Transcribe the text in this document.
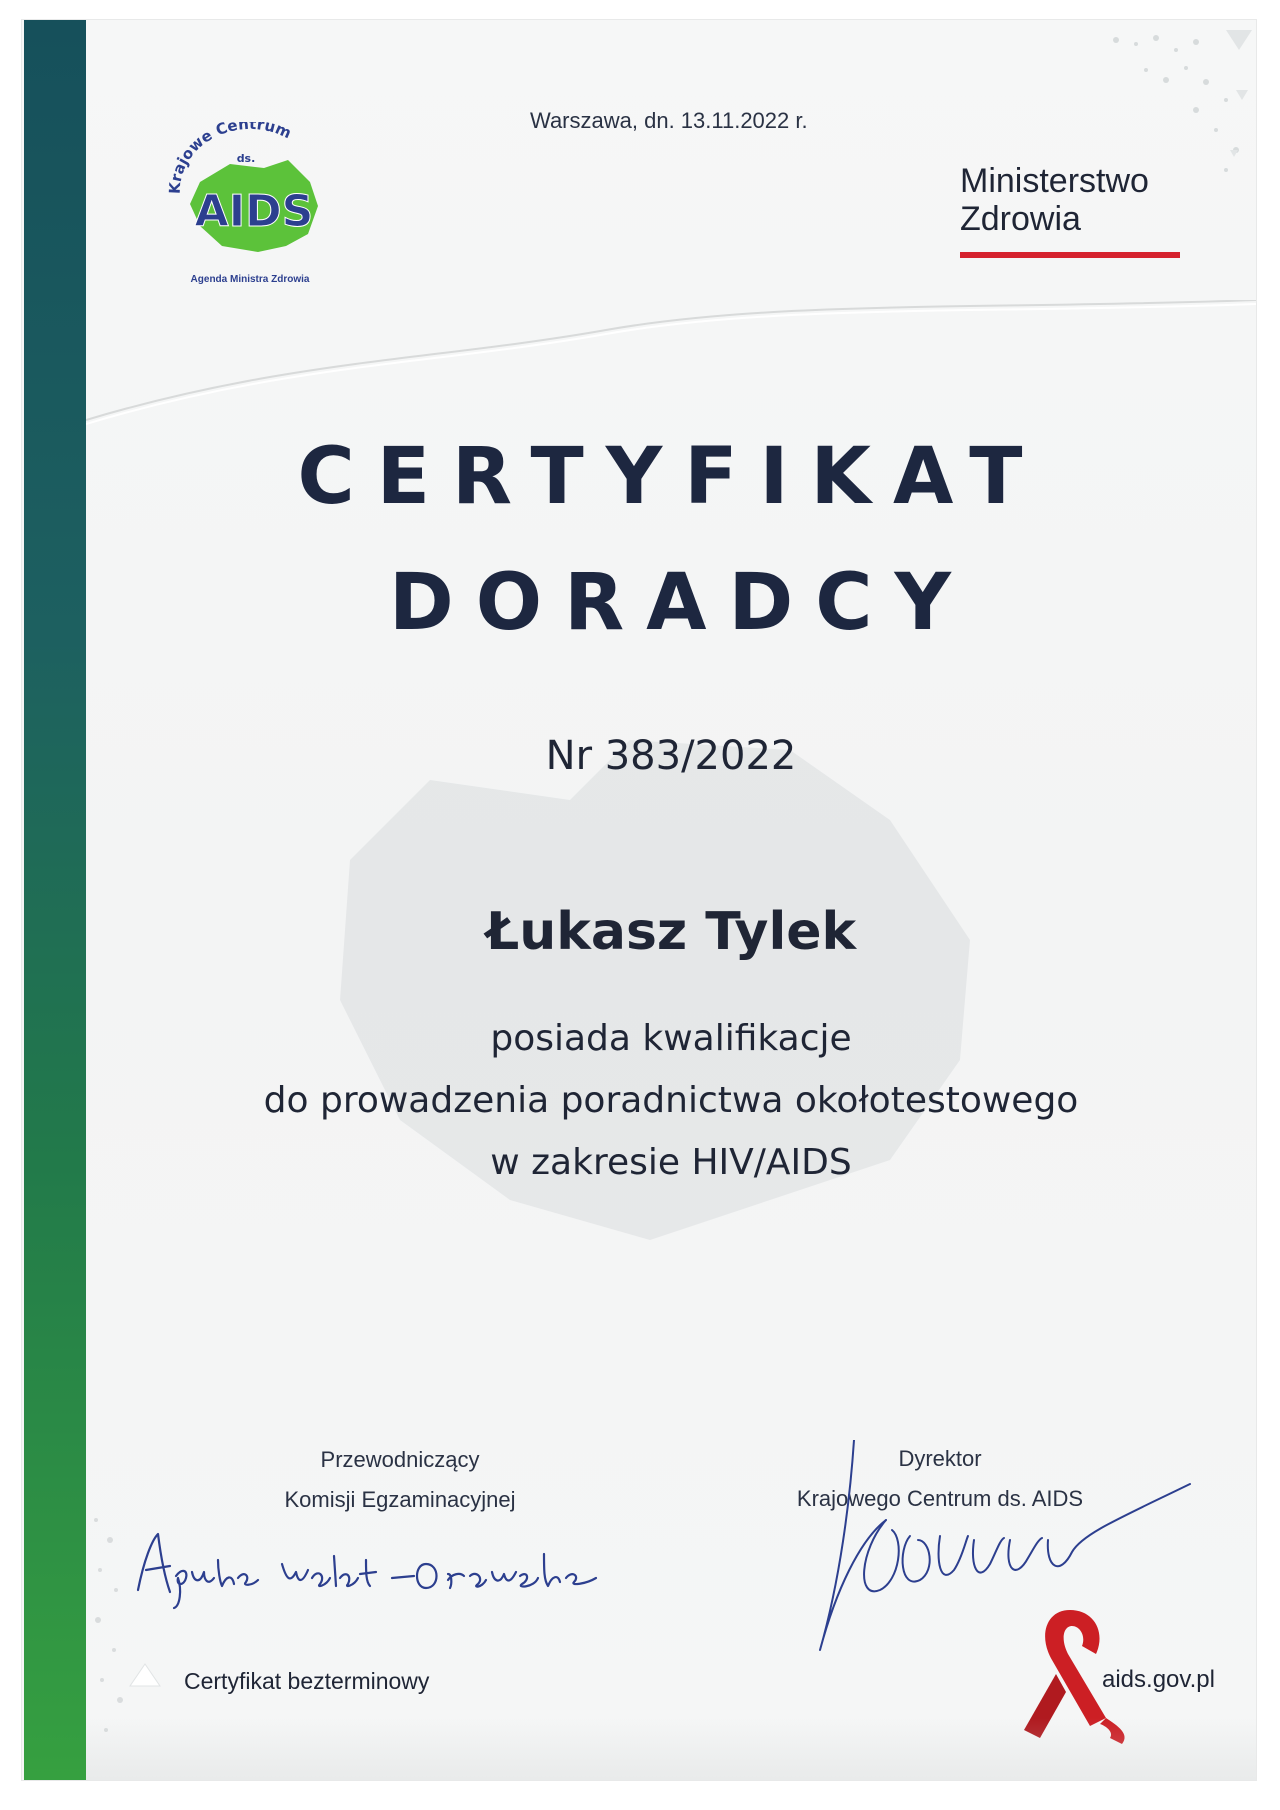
Warszawa, dn. 13.11.2022 r.
Krajowe Centrum
ds.
AIDS
Agenda Ministra Zdrowia
Ministerstwo
Zdrowia
CERTYFIKAT
DORADCY
Nr 383/2022
Łukasz Tylek
posiada kwalifikacje
do prowadzenia poradnictwa okołotestowego
w zakresie HIV/AIDS
Przewodniczący
Komisji Egzaminacyjnej
Dyrektor
Krajowego Centrum ds. AIDS
Certyfikat bezterminowy	aids.gov.pl
